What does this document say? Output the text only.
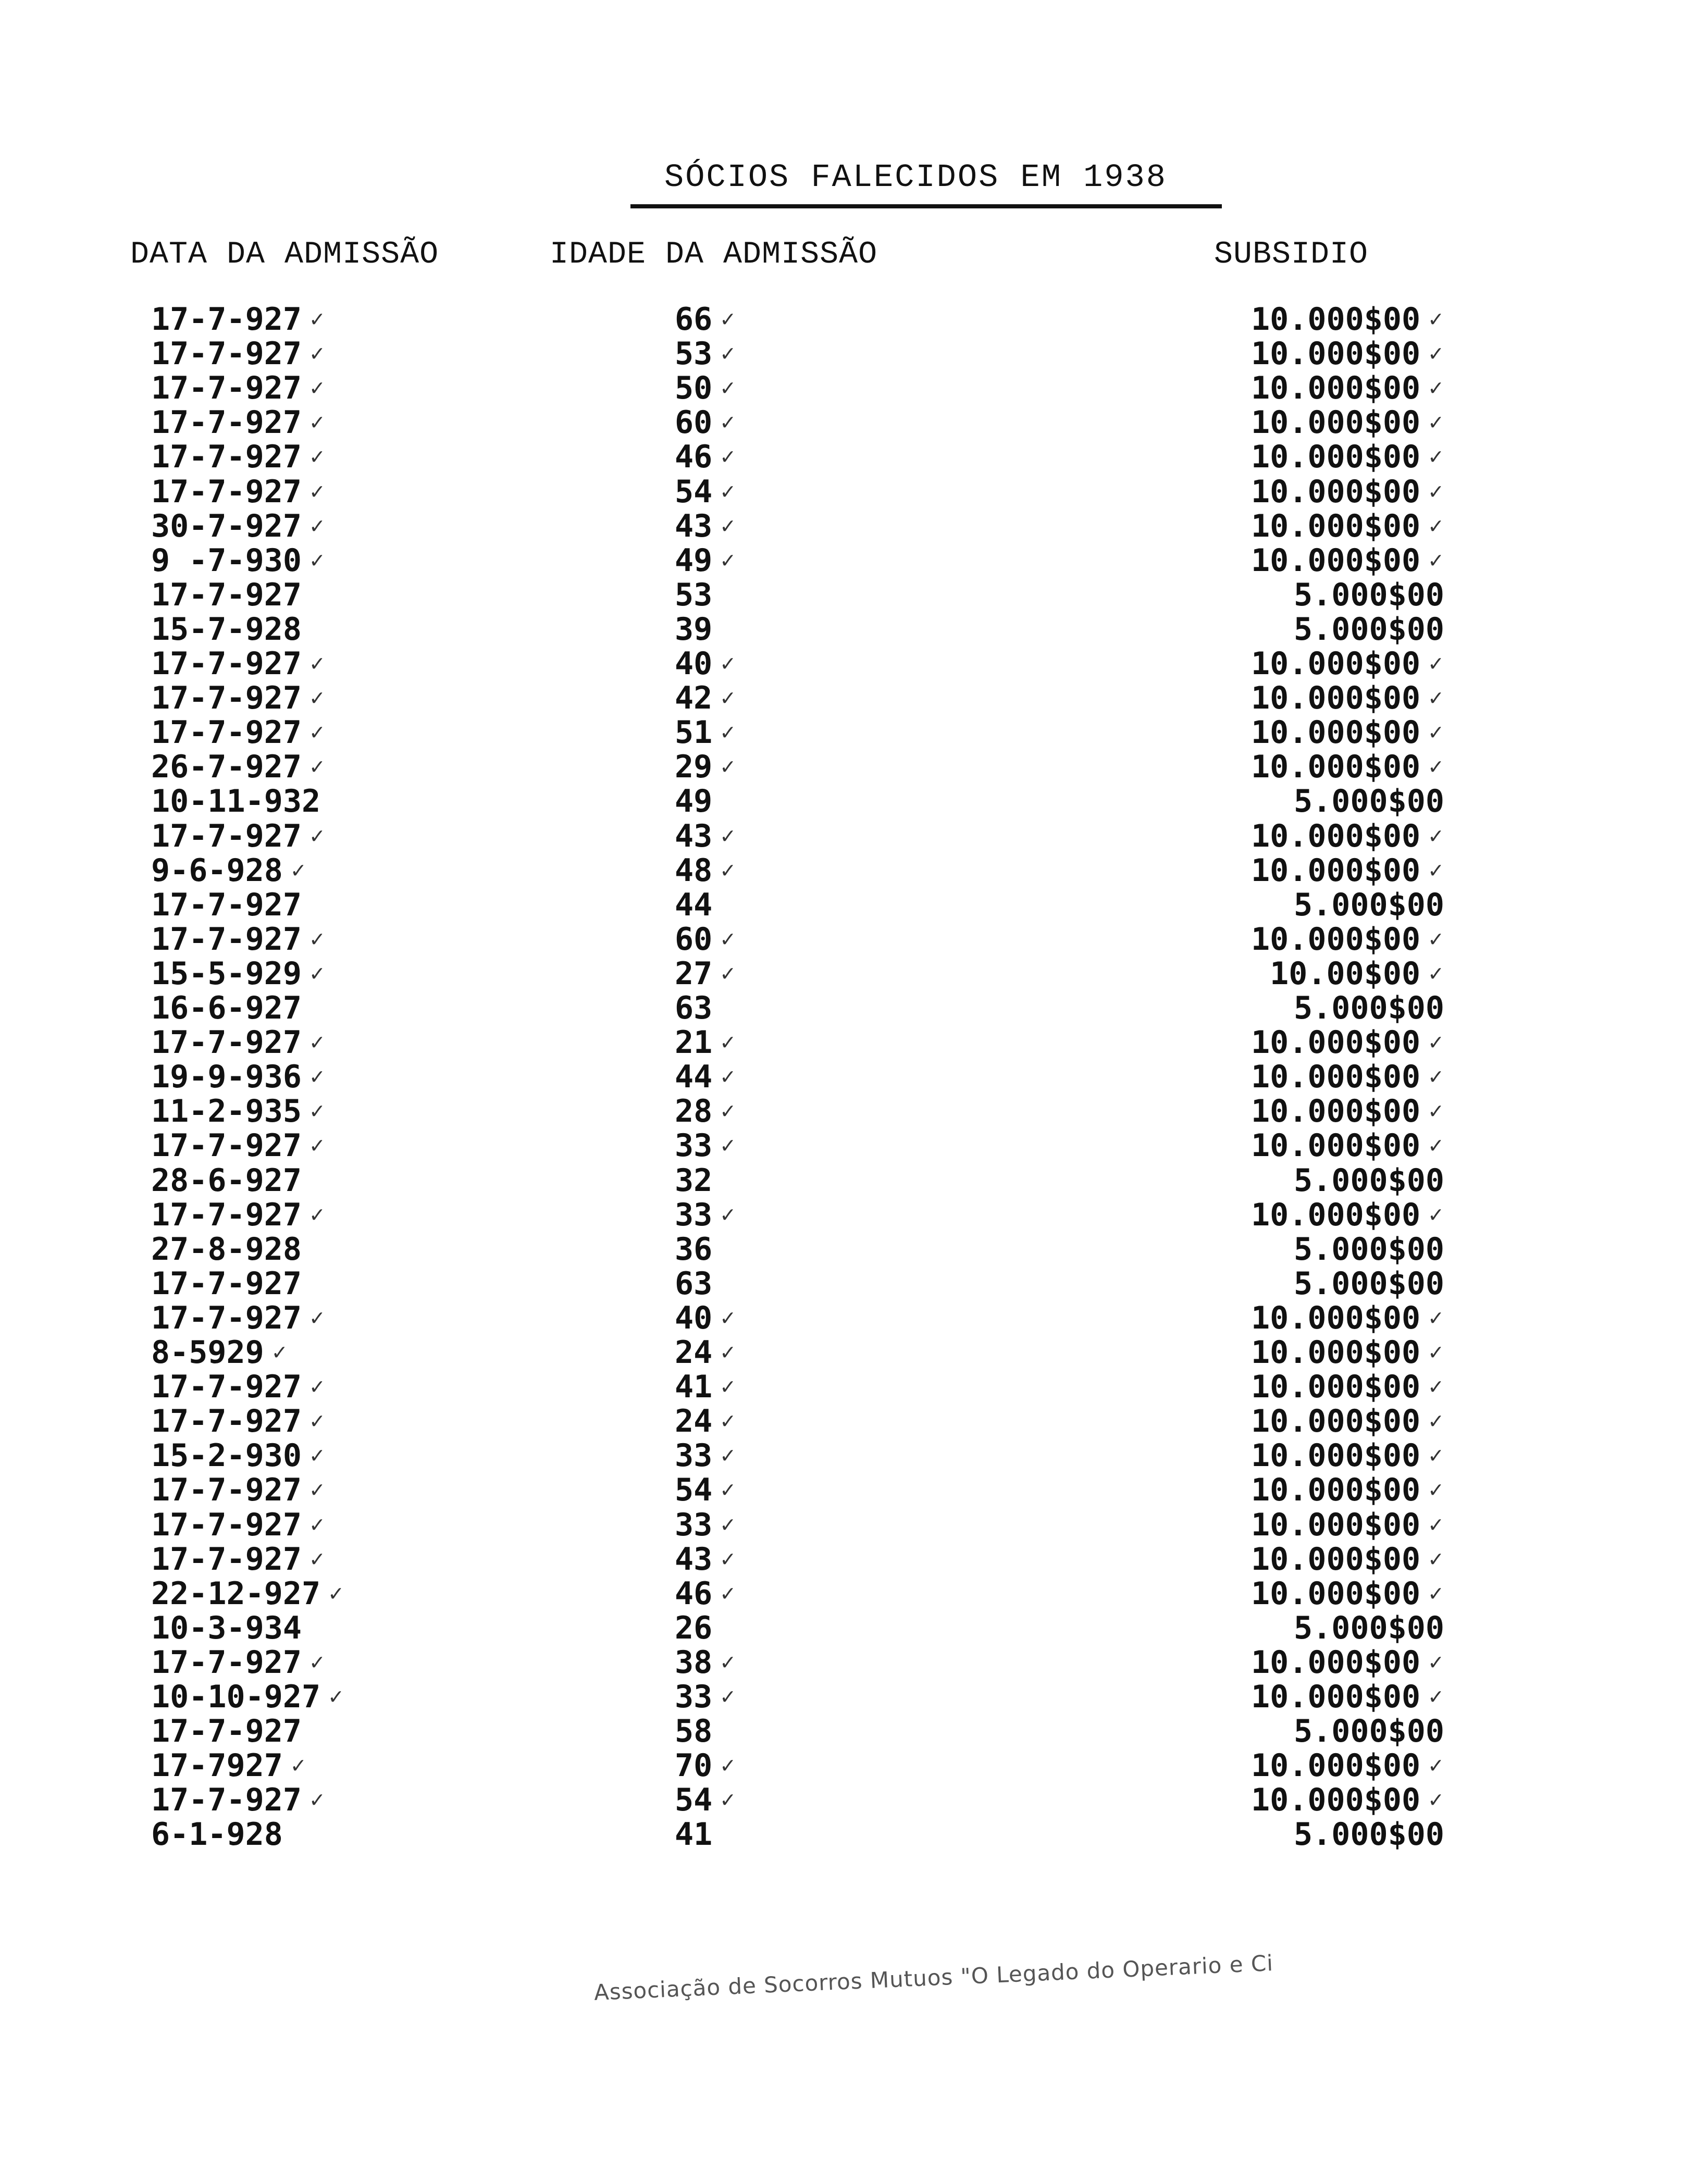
SÓCIOS FALECIDOS EM 1938
DATA DA ADMISSÃO	IDADE DA ADMISSÃO	SUBSIDIO
17-7-927 ✓	66 ✓	10.000$00 ✓
17-7-927 ✓	53 ✓	10.000$00 ✓
17-7-927 ✓	50 ✓	10.000$00 ✓
17-7-927 ✓	60 ✓	10.000$00 ✓
17-7-927 ✓	46 ✓	10.000$00 ✓
17-7-927 ✓	54 ✓	10.000$00 ✓
30-7-927 ✓	43 ✓	10.000$00 ✓
9 -7-930 ✓	49 ✓	10.000$00 ✓
17-7-927	53	5.000$00
15-7-928	39	5.000$00
17-7-927 ✓	40 ✓	10.000$00 ✓
17-7-927 ✓	42 ✓	10.000$00 ✓
17-7-927 ✓	51 ✓	10.000$00 ✓
26-7-927 ✓	29 ✓	10.000$00 ✓
10-11-932	49	5.000$00
17-7-927 ✓	43 ✓	10.000$00 ✓
9-6-928 ✓	48 ✓	10.000$00 ✓
17-7-927	44	5.000$00
17-7-927 ✓	60 ✓	10.000$00 ✓
15-5-929 ✓	27 ✓	10.00$00 ✓
16-6-927	63	5.000$00
17-7-927 ✓	21 ✓	10.000$00 ✓
19-9-936 ✓	44 ✓	10.000$00 ✓
11-2-935 ✓	28 ✓	10.000$00 ✓
17-7-927 ✓	33 ✓	10.000$00 ✓
28-6-927	32	5.000$00
17-7-927 ✓	33 ✓	10.000$00 ✓
27-8-928	36	5.000$00
17-7-927	63	5.000$00
17-7-927 ✓	40 ✓	10.000$00 ✓
8-5929 ✓	24 ✓	10.000$00 ✓
17-7-927 ✓	41 ✓	10.000$00 ✓
17-7-927 ✓	24 ✓	10.000$00 ✓
15-2-930 ✓	33 ✓	10.000$00 ✓
17-7-927 ✓	54 ✓	10.000$00 ✓
17-7-927 ✓	33 ✓	10.000$00 ✓
17-7-927 ✓	43 ✓	10.000$00 ✓
22-12-927 ✓	46 ✓	10.000$00 ✓
10-3-934	26	5.000$00
17-7-927 ✓	38 ✓	10.000$00 ✓
10-10-927 ✓	33 ✓	10.000$00 ✓
17-7-927	58	5.000$00
17-7927 ✓	70 ✓	10.000$00 ✓
17-7-927 ✓	54 ✓	10.000$00 ✓
6-1-928	41	5.000$00
Associação de Socorros Mutuos "O Legado do Operario e Ci
